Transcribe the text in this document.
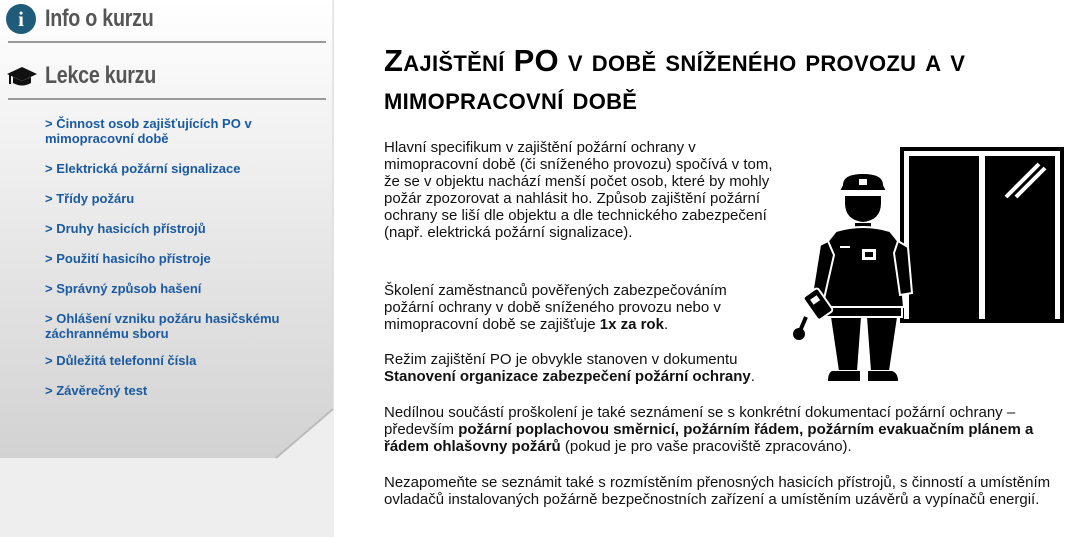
i Info o kurzu
Lekce kurzu
> Činnost osob zajišťujících PO v mimopracovní době
> Elektrická požární signalizace
> Třídy požáru
> Druhy hasicích přístrojů
> Použití hasicího přístroje
> Správný způsob hašení
> Ohlášení vzniku požáru hasičskému záchrannému sboru
> Důležitá telefonní čísla
> Závěrečný test
Zajištění PO v době sníženého provozu a v mimopracovní době

Hlavní specifikum v zajištění požární ochrany v mimopracovní době (či sníženého provozu) spočívá v tom, že se v objektu nachází menší počet osob, které by mohly požár zpozorovat a nahlásit ho. Způsob zajištění požární ochrany se liší dle objektu a dle technického zabezpečení (např. elektrická požární signalizace).

Školení zaměstnanců pověřených zabezpečováním požární ochrany v době sníženého provozu nebo v mimopracovní době se zajišťuje 1x za rok.

Režim zajištění PO je obvykle stanoven v dokumentu Stanovení organizace zabezpečení požární ochrany.

Nedílnou součástí proškolení je také seznámení se s konkrétní dokumentací požární ochrany – především požární poplachovou směrnicí, požárním řádem, požárním evakuačním plánem a řádem ohlašovny požárů (pokud je pro vaše pracoviště zpracováno).

Nezapomeňte se seznámit také s rozmístěním přenosných hasicích přístrojů, s činností a umístěním ovladačů instalovaných požárně bezpečnostních zařízení a umístěním uzávěrů a vypínačů energií.
